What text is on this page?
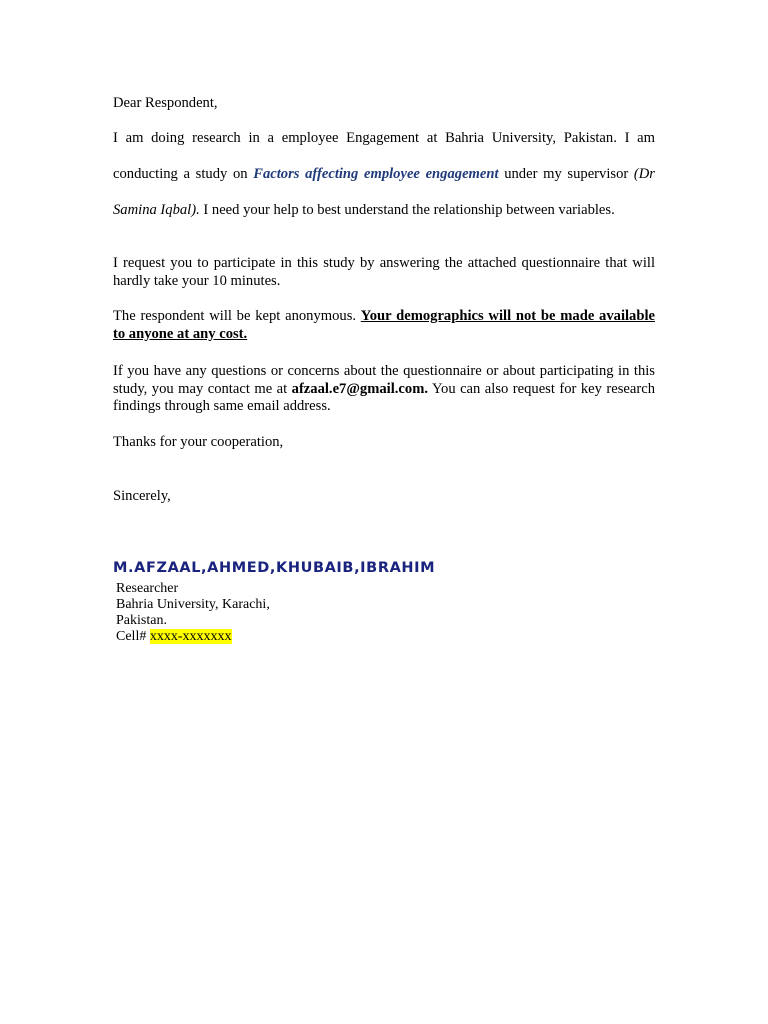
Dear Respondent,

I am doing research in a employee Engagement at Bahria University, Pakistan. I am

conducting a study on Factors affecting employee engagement under my supervisor (Dr

Samina Iqbal). I need your help to best understand the relationship between variables.

I request you to participate in this study by answering the attached questionnaire that will hardly take your 10 minutes.

The respondent will be kept anonymous. Your demographics will not be made available to anyone at any cost.

If you have any questions or concerns about the questionnaire or about participating in this study, you may contact me at afzaal.e7@gmail.com. You can also request for key research findings through same email address.

Thanks for your cooperation,

Sincerely,

M.AFZAAL,AHMED,KHUBAIB,IBRAHIM

Researcher

Bahria University, Karachi,

Pakistan.

Cell# xxxx-xxxxxxx
